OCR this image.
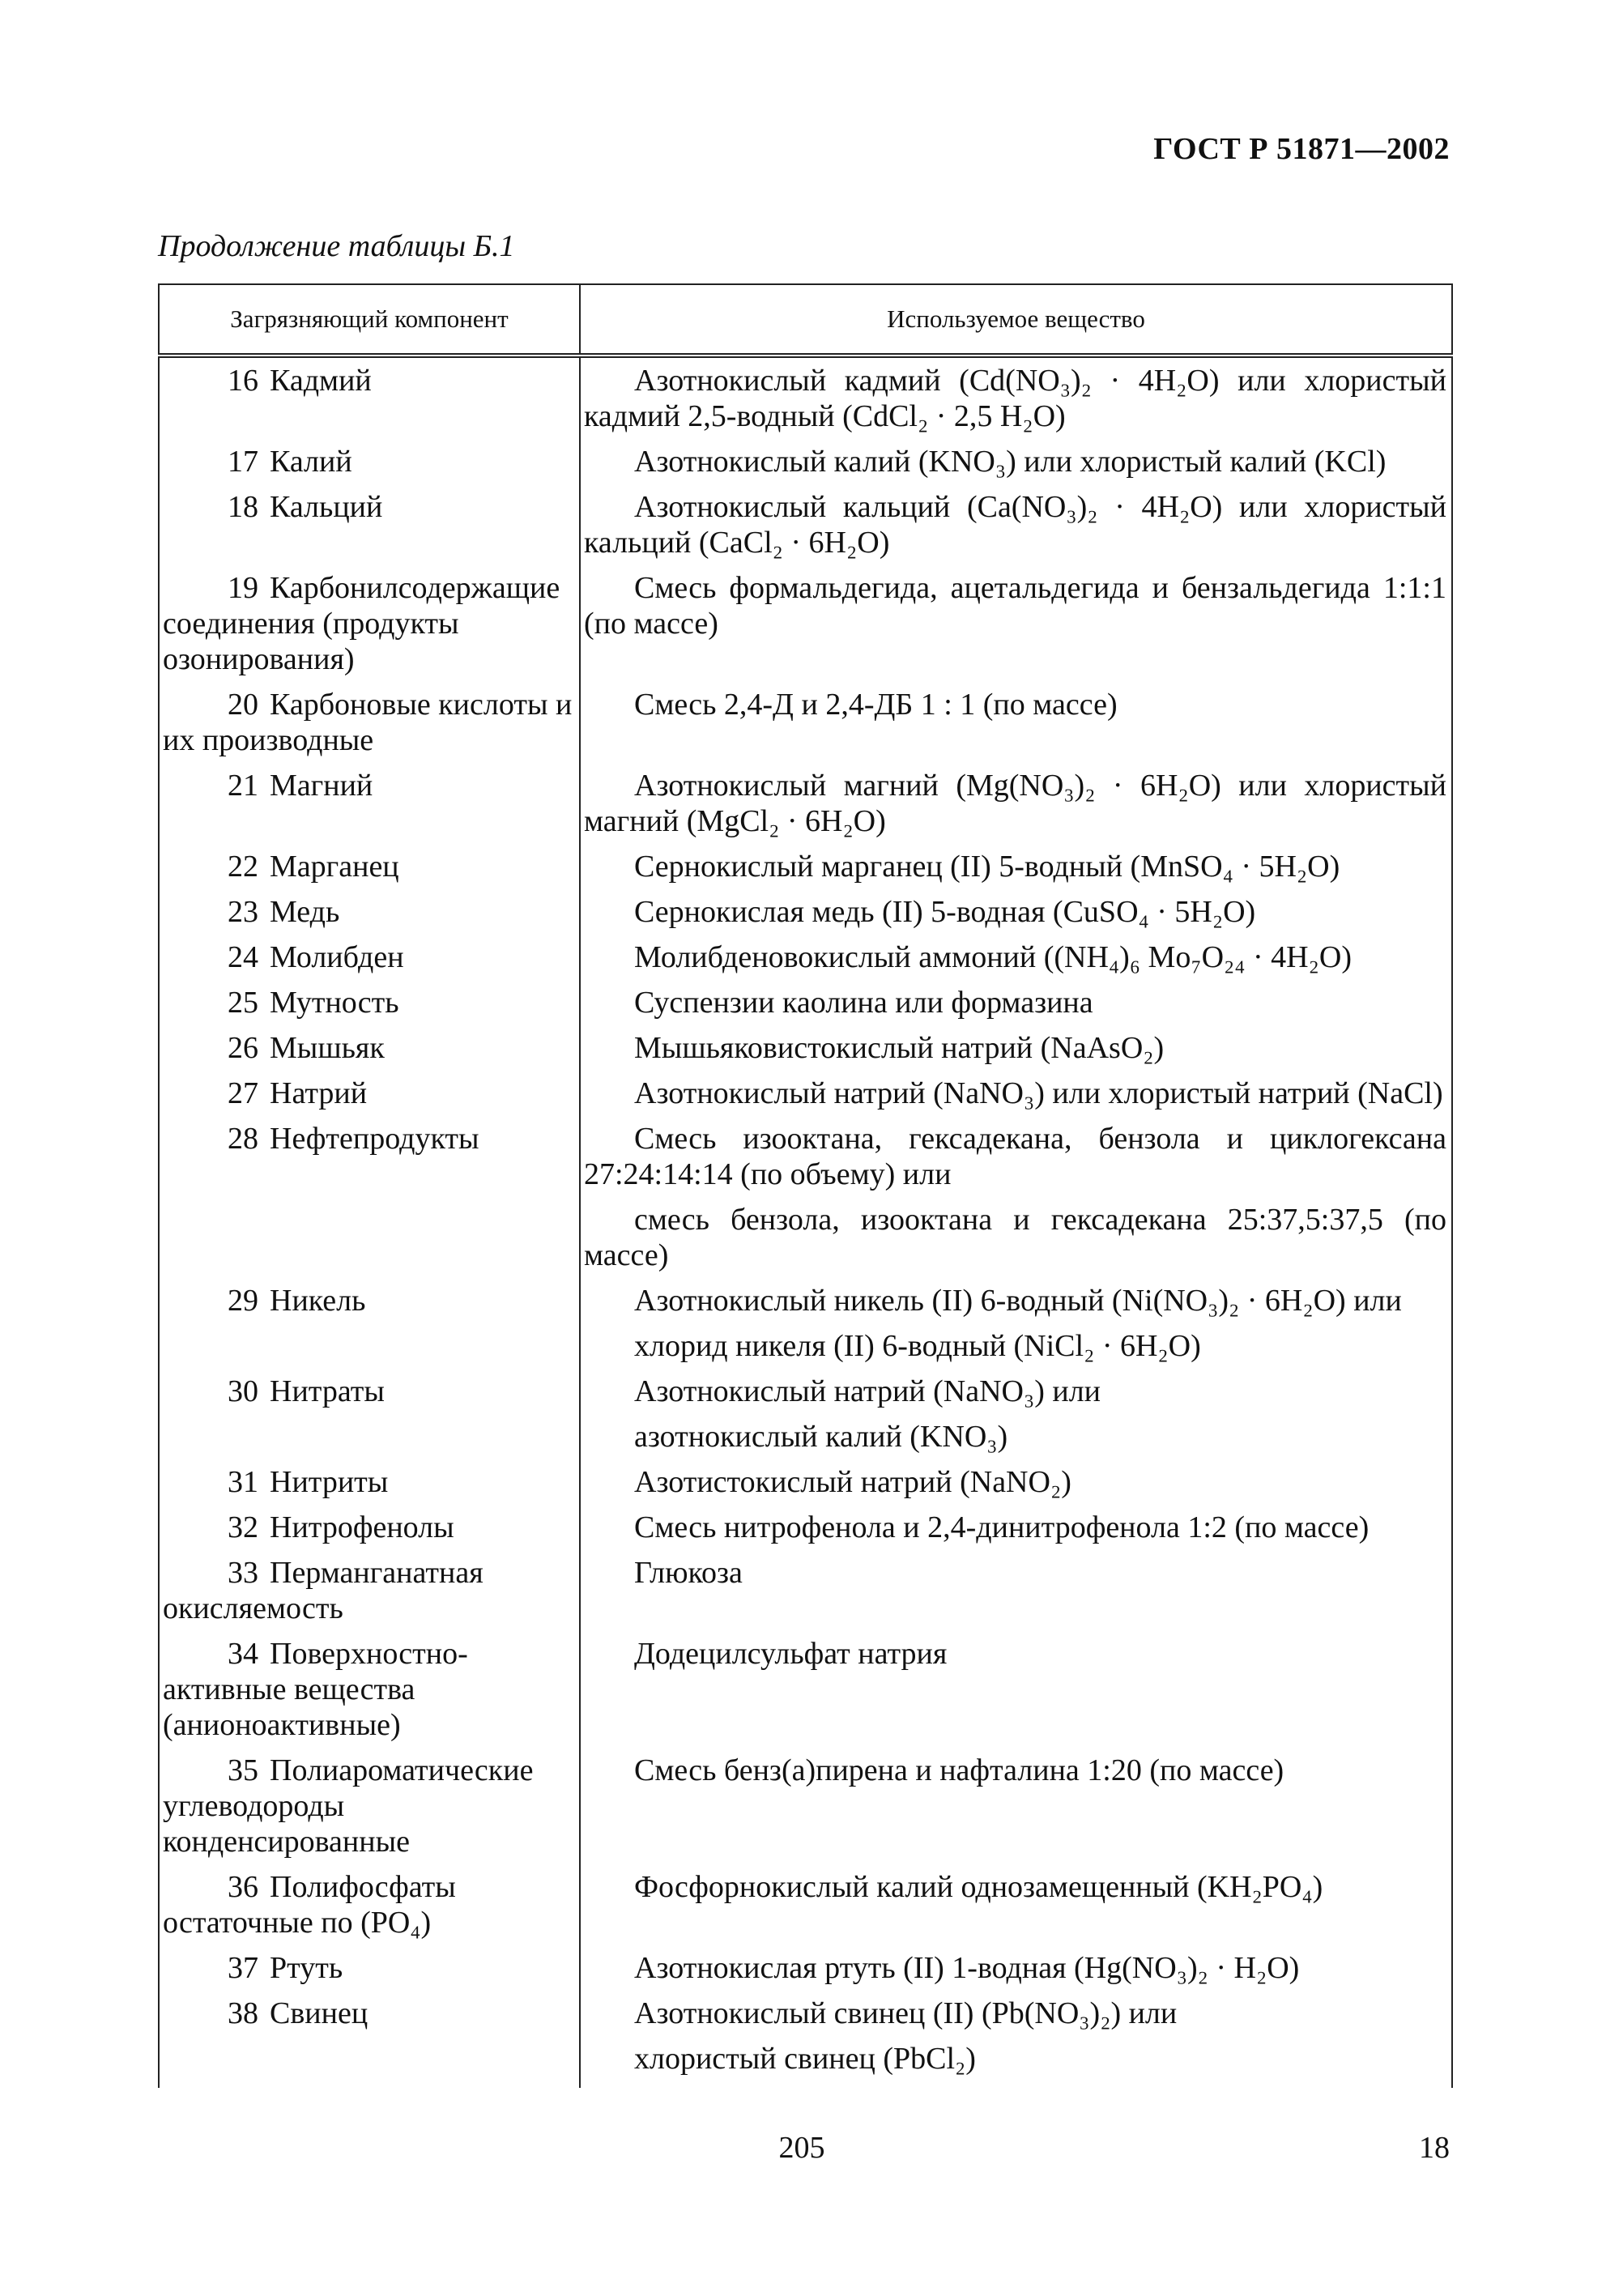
ГОСТ Р 51871—2002
Продолжение таблицы Б.1
Загрязняющий компонент	Используемое вещество
16 Кадмий	Азотнокислый кадмий (Cd(NO₃)₂ · 4H₂O) или хлористый кадмий 2,5-водный (CdCl₂ · 2,5 H₂O)
17 Калий	Азотнокислый калий (KNO₃) или хлористый калий (KCl)
18 Кальций	Азотнокислый кальций (Ca(NO₃)₂ · 4H₂O) или хлористый кальций (CaCl₂ · 6H₂O)
19 Карбонилсодержащие соединения (продукты озонирования)	Смесь формальдегида, ацетальдегида и бензальдегида 1:1:1 (по массе)
20 Карбоновые кислоты и их производные	Смесь 2,4-Д и 2,4-ДБ 1 : 1 (по массе)
21 Магний	Азотнокислый магний (Mg(NO₃)₂ · 6H₂O) или хлористый магний (MgCl₂ · 6H₂O)
22 Марганец	Сернокислый марганец (II) 5-водный (MnSO₄ · 5H₂O)
23 Медь	Сернокислая медь (II) 5-водная (CuSO₄ · 5H₂O)
24 Молибден	Молибденовокислый аммоний ((NH₄)₆ Mo₇O₂₄ · 4H₂O)
25 Мутность	Суспензии каолина или формазина
26 Мышьяк	Мышьяковистокислый натрий (NaAsO₂)
27 Натрий	Азотнокислый натрий (NaNO₃) или хлористый натрий (NaCl)
28 Нефтепродукты	Смесь изооктана, гексадекана, бензола и циклогексана 27:24:14:14 (по объему) или
	смесь бензола, изооктана и гексадекана 25:37,5:37,5 (по массе)
29 Никель	Азотнокислый никель (II) 6-водный (Ni(NO₃)₂ · 6H₂O) или
	хлорид никеля (II) 6-водный (NiCl₂ · 6H₂O)
30 Нитраты	Азотнокислый натрий (NaNO₃) или
	азотнокислый калий (KNO₃)
31 Нитриты	Азотистокислый натрий (NaNO₂)
32 Нитрофенолы	Смесь нитрофенола и 2,4-динитрофенола 1:2 (по массе)
33 Перманганатная окисляемость	Глюкоза
34 Поверхностно-активные вещества (анионоактивные)	Додецилсульфат натрия
35 Полиароматические углеводороды конденсированные	Смесь бенз(а)пирена и нафталина 1:20 (по массе)
36 Полифосфаты остаточные по (PO₄)	Фосфорнокислый калий однозамещенный (KH₂PO₄)
37 Ртуть	Азотнокислая ртуть (II) 1-водная (Hg(NO₃)₂ · H₂O)
38 Свинец	Азотнокислый свинец (II) (Pb(NO₃)₂) или
	хлористый свинец (PbCl₂)
205	18
